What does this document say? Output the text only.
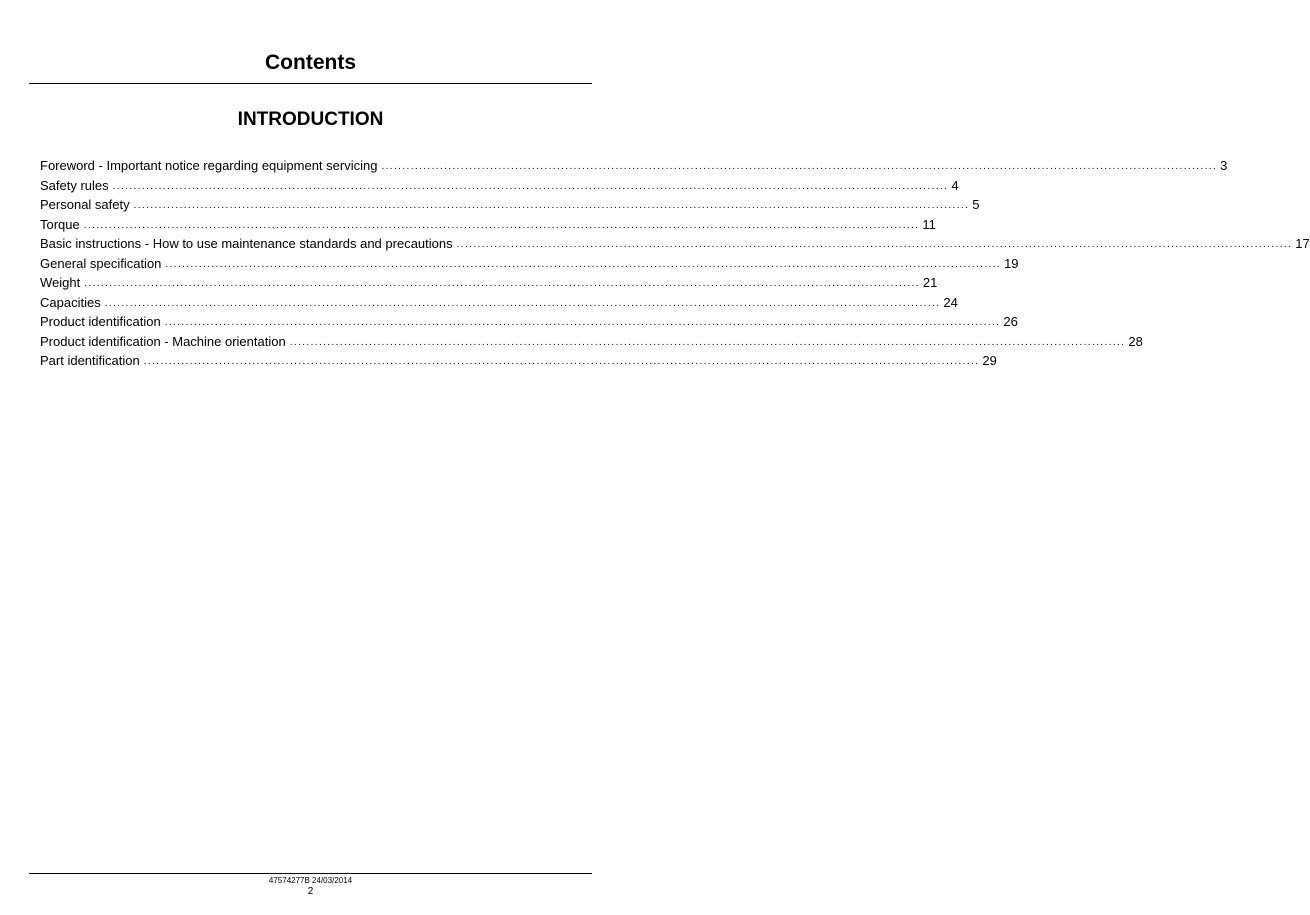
Contents
INTRODUCTION
Foreword - Important notice regarding equipment servicing ........................................................................................................................................................................................................ 3
Safety rules ........................................................................................................................................................................................................ 4
Personal safety ........................................................................................................................................................................................................ 5
Torque ........................................................................................................................................................................................................ 11
Basic instructions - How to use maintenance standards and precautions ........................................................................................................................................................................................................ 17
General specification ........................................................................................................................................................................................................ 19
Weight ........................................................................................................................................................................................................ 21
Capacities ........................................................................................................................................................................................................ 24
Product identification ........................................................................................................................................................................................................ 26
Product identification - Machine orientation ........................................................................................................................................................................................................ 28
Part identification ........................................................................................................................................................................................................ 29
47574277B 24/03/2014
2
